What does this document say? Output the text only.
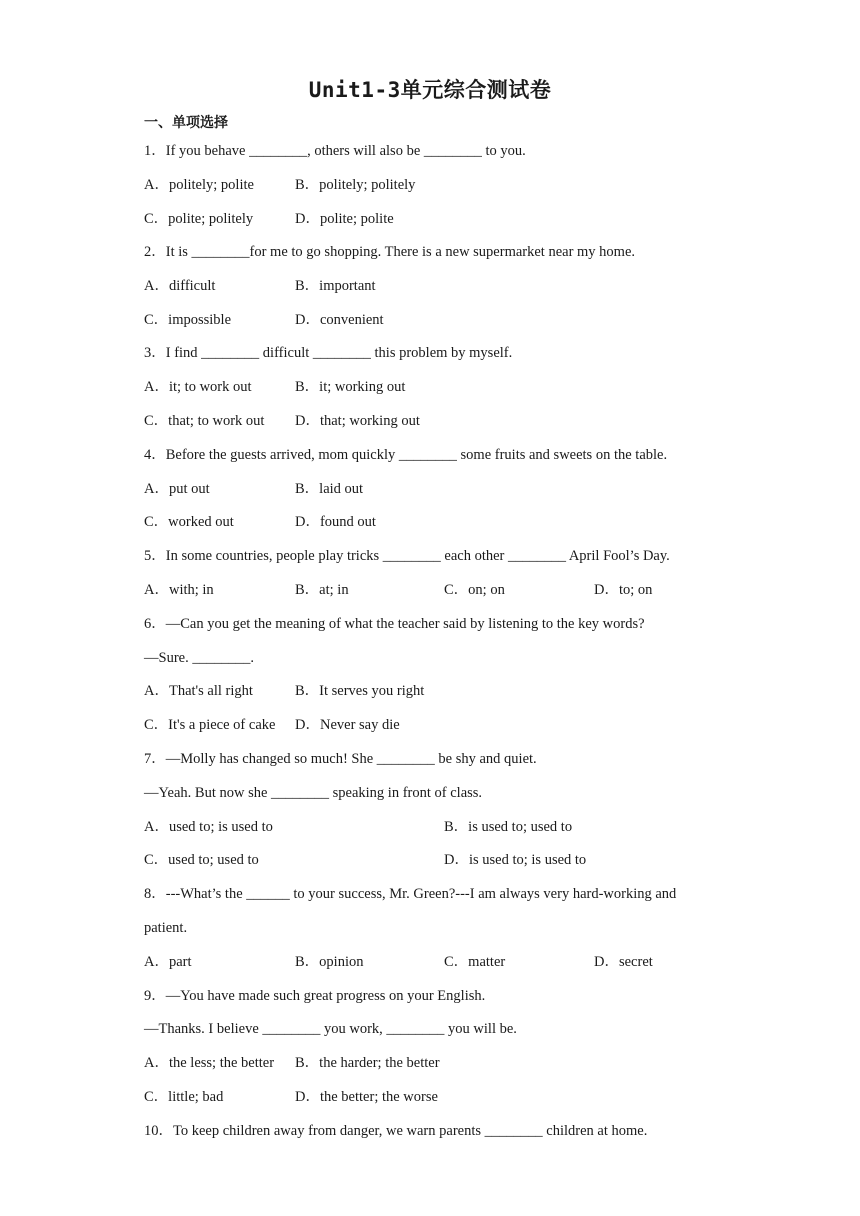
Unit1-3单元综合测试卷
一、单项选择
1．If you behave ________, others will also be ________ to you.
A．politely; polite	B．politely; politely
C．polite; politely	D．polite; polite
2．It is ________for me to go shopping. There is a new supermarket near my home.
A．difficult	B．important
C．impossible	D．convenient
3．I find ________ difficult ________ this problem by myself.
A．it; to work out	B．it; working out
C．that; to work out D．that; working out
4．Before the guests arrived, mom quickly ________ some fruits and sweets on the table.
A．put out	B．laid out
C．worked out	D．found out
5．In some countries, people play tricks ________ each other ________ April Fool’s Day.
A．with; in	B．at; in	C．on; on	D．to; on
6．—Can you get the meaning of what the teacher said by listening to the key words?
—Sure. ________.
A．That's all right	B．It serves you right
C．It's a piece of cake D．Never say die
7．—Molly has changed so much! She ________ be shy and quiet.
—Yeah. But now she ________ speaking in front of class.
A．used to; is used to	B．is used to; used to
C．used to; used to	D．is used to; is used to
8．---What’s the ______ to your success, Mr. Green?---I am always very hard-working and
patient.
A．part	B．opinion	C．matter	D．secret
9．—You have made such great progress on your English.
—Thanks. I believe ________ you work, ________ you will be.
A．the less; the better B．the harder; the better
C．little; bad	D．the better; the worse
10．To keep children away from danger, we warn parents ________ children at home.
